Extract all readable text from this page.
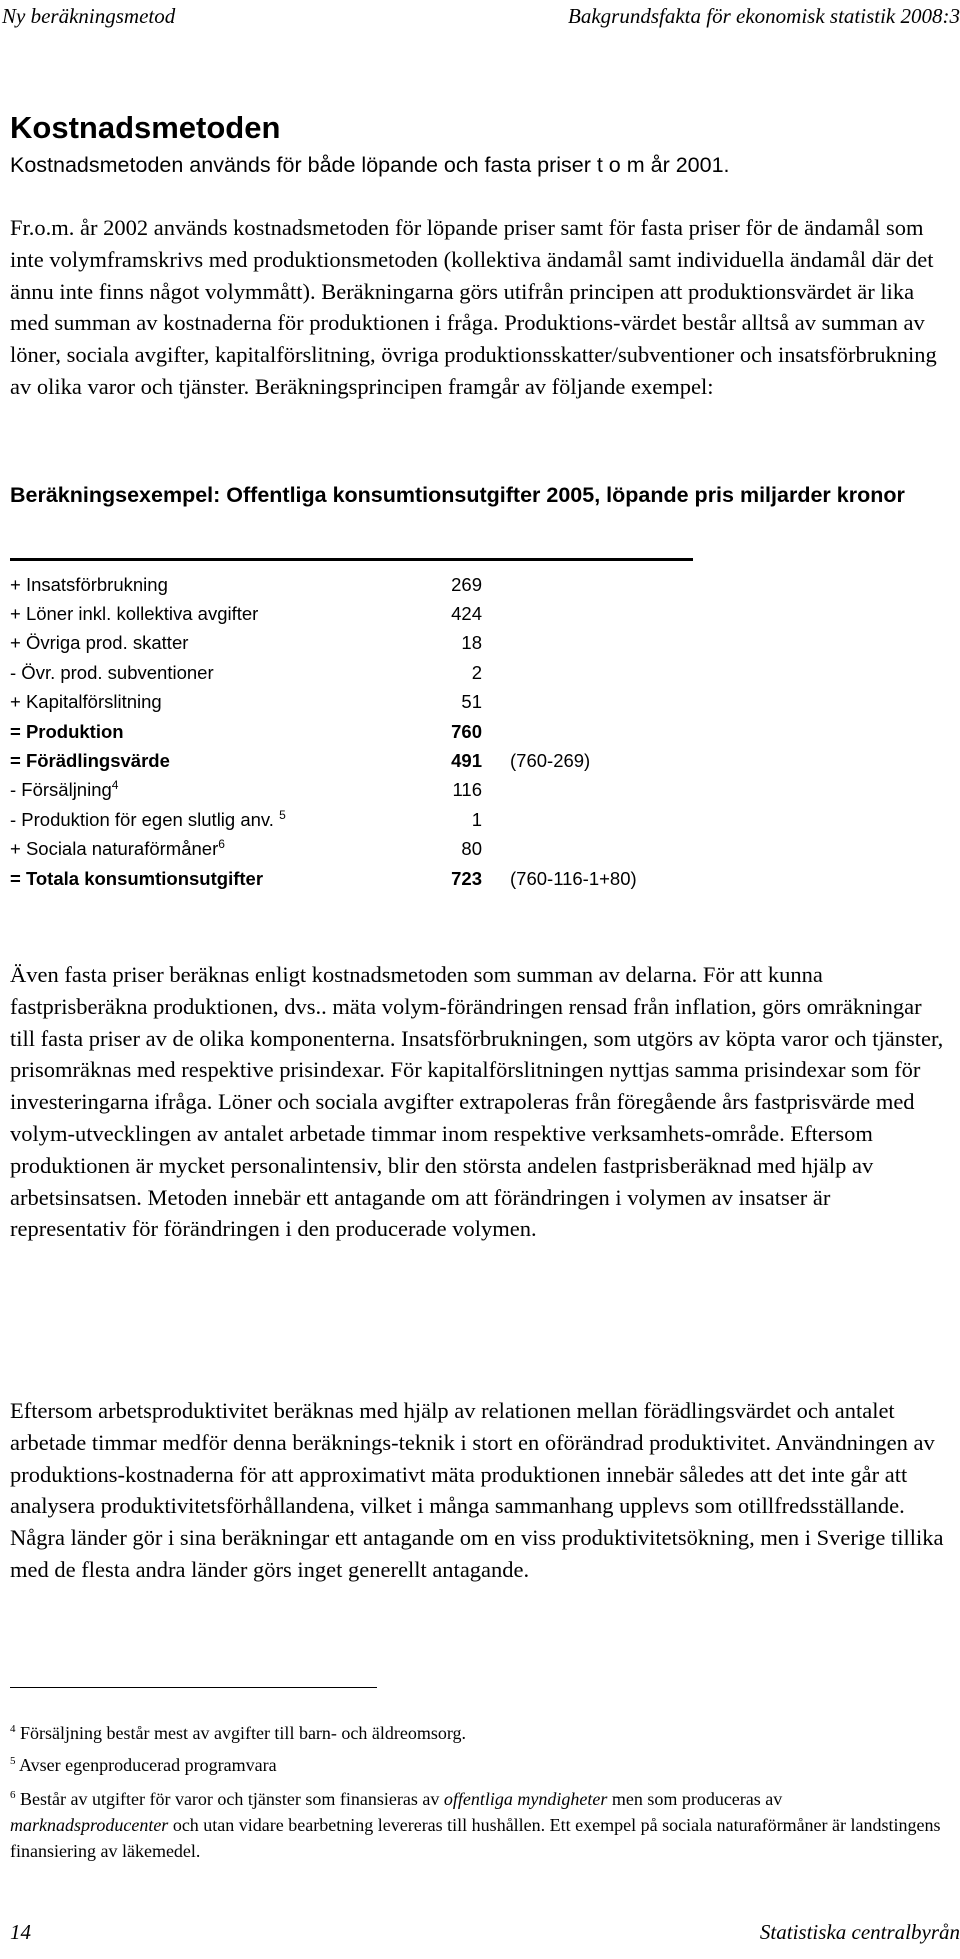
Ny beräkningsmetod	Bakgrundsfakta för ekonomisk statistik 2008:3
Kostnadsmetoden

Kostnadsmetoden används för både löpande och fasta priser t o m år 2001.

Fr.o.m. år 2002 används kostnadsmetoden för löpande priser samt för fasta priser för de ändamål som inte volymframskrivs med produktionsmetoden (kollektiva ändamål samt individuella ändamål där det ännu inte finns något volymmått). Beräkningarna görs utifrån principen att produktionsvärdet är lika med summan av kostnaderna för produktionen i fråga. Produktions-värdet består alltså av summan av löner, sociala avgifter, kapitalförslitning, övriga produktionsskatter/subventioner och insatsförbrukning av olika varor och tjänster. Beräkningsprincipen framgår av följande exempel:

Beräkningsexempel: Offentliga konsumtionsutgifter 2005, löpande pris miljarder kronor
+ Insatsförbrukning	269	
+ Löner inkl. kollektiva avgifter	424	
+ Övriga prod. skatter	18	
- Övr. prod. subventioner	2	
+ Kapitalförslitning	51	
= Produktion	760	
= Förädlingsvärde	491	(760-269)
- Försäljning$^4$	116	
- Produktion för egen slutlig anv. $^5$	1	
+ Sociala naturaförmåner$^6$	80	
= Totala konsumtionsutgifter	723	(760-116-1+80)

Även fasta priser beräknas enligt kostnadsmetoden som summan av delarna. För att kunna fastprisberäkna produktionen, dvs.. mäta volym-förändringen rensad från inflation, görs omräkningar till fasta priser av de olika komponenterna. Insatsförbrukningen, som utgörs av köpta varor och tjänster, prisomräknas med respektive prisindexar. För kapitalförslitningen nyttjas samma prisindexar som för investeringarna ifråga. Löner och sociala avgifter extrapoleras från föregående års fastprisvärde med volym-utvecklingen av antalet arbetade timmar inom respektive verksamhets-område. Eftersom produktionen är mycket personalintensiv, blir den största andelen fastprisberäknad med hjälp av arbetsinsatsen. Metoden innebär ett antagande om att förändringen i volymen av insatser är representativ för förändringen i den producerade volymen.

Eftersom arbetsproduktivitet beräknas med hjälp av relationen mellan förädlingsvärdet och antalet arbetade timmar medför denna beräknings-teknik i stort en oförändrad produktivitet. Användningen av produktions-kostnaderna för att approximativt mäta produktionen innebär således att det inte går att analysera produktivitetsförhållandena, vilket i många sammanhang upplevs som otillfredsställande. Några länder gör i sina beräkningar ett antagande om en viss produktivitetsökning, men i Sverige tillika med de flesta andra länder görs inget generellt antagande.

$^4$ Försäljning består mest av avgifter till barn- och äldreomsorg.
$^5$ Avser egenproducerad programvara
$^6$ Består av utgifter för varor och tjänster som finansieras av offentliga myndigheter men som produceras av marknadsproducenter och utan vidare bearbetning levereras till hushållen. Ett exempel på sociala naturaförmåner är landstingens finansiering av läkemedel.
14	Statistiska centralbyrån
